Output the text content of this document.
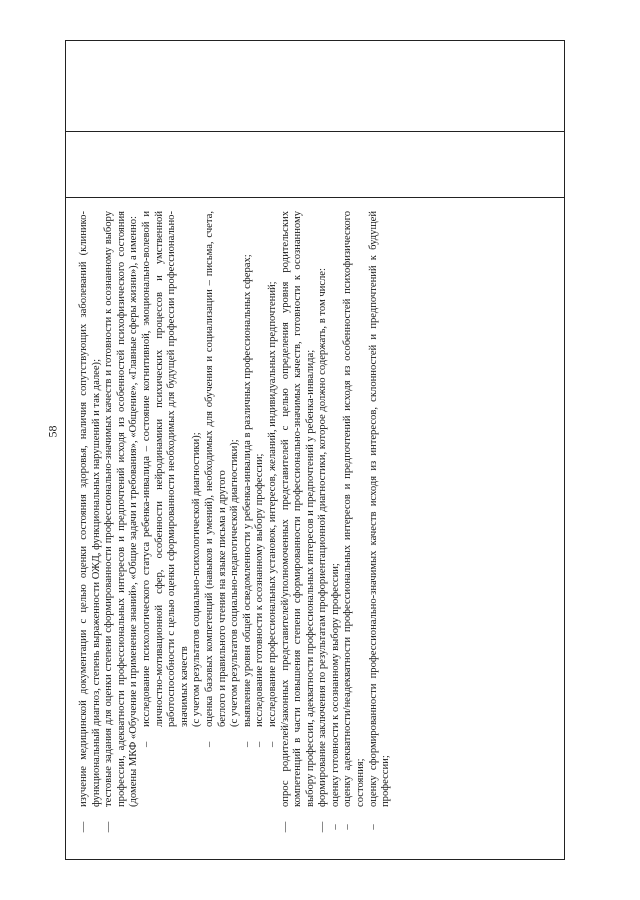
58

—
изучение медицинской документации с целью оценки состояния здоровья, наличия сопутствующих заболеваний (клинико-функциональный диагноз, степень выраженности ОЖД, функциональных нарушений и так далее);

—
тестовые задания для оценки степени сформированности профессионально-значимых качеств и готовности к осознанному выбору профессии, адекватности профессиональных интересов и предпочтений исходя из особенностей психофизического состояния (домены МКФ «Обучение и применение знаний», «Общие задачи и требования», «Общение», «Главные сферы жизни»), а именно: –
исследование психологического статуса ребенка-инвалида – состояние когнитивной, эмоционально-волевой и личностно-мотивационной сфер, особенности нейродинамики психических процессов и умственной работоспособности с целью оценки сформированности необходимых для будущей профессии профессионально-значимых качеств (с учетом результатов социально-психологической диагностики);

–
оценка базовых компетенций (навыков и умений), необходимых для обучения и социализации – письма, счета, беглого и правильного чтения на языке письма и другого (с учетом результатов социально-педагогической диагностики);

–
выявление уровня общей осведомленности у ребенка-инвалида в различных профессиональных сферах;

–
исследование готовности к осознанному выбору профессии;

–
исследование профессиональных установок, интересов, желаний, индивидуальных предпочтений;

—
опрос родителей/законных представителей/уполномоченных представителей с целью определения уровня родительских компетенций в части повышения степени сформированности профессионально-значимых качеств, готовности к осознанному выбору профессии, адекватности профессиональных интересов и предпочтений у ребенка-инвалида;

—
формирование заключения по результатам профориентационной диагностики, которое должно содержать, в том числе:

–
оценку готовности к осознанному выбору профессии;

–
оценку адекватности/неадекватности профессиональных интересов и предпочтений исходя из особенностей психофизического состояния;

–
оценку сформированности профессионально-значимых качеств исходя из интересов, склонностей и предпочтений к будущей профессии;
